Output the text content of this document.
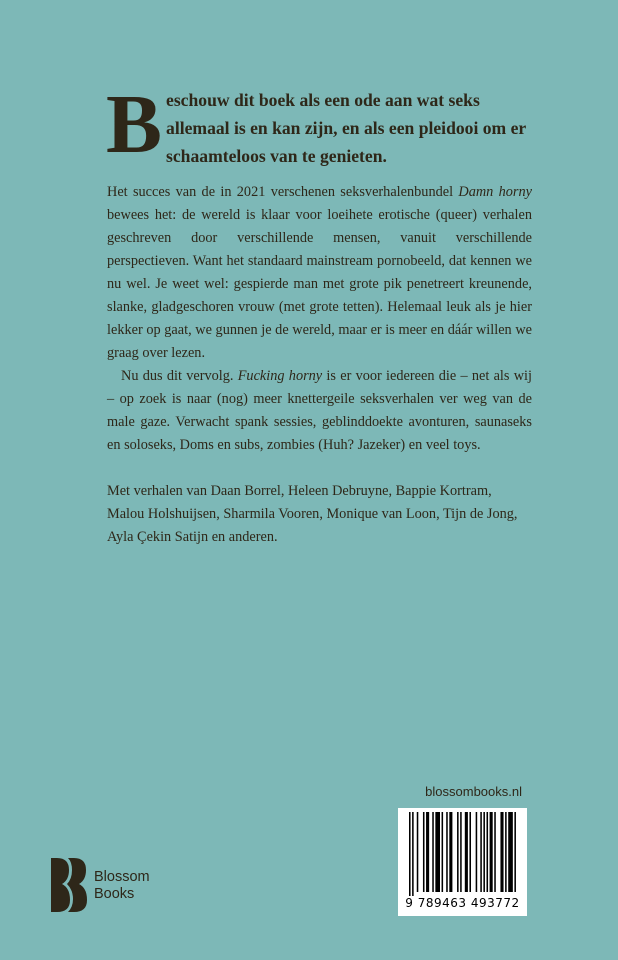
B eschouw dit boek als een ode aan wat seks allemaal is en kan zijn, en als een pleidooi om er schaamteloos van te genieten.

Het succes van de in 2021 verschenen seksverhalenbundel Damn horny bewees het: de wereld is klaar voor loeihete erotische (queer) verhalen geschreven door verschillende mensen, vanuit verschillende perspectieven. Want het standaard mainstream pornobeeld, dat kennen we nu wel. Je weet wel: gespierde man met grote pik penetreert kreunende, slanke, gladgeschoren vrouw (met grote tetten). Helemaal leuk als je hier lekker op gaat, we gunnen je de wereld, maar er is meer en dáár willen we graag over lezen.

Nu dus dit vervolg. Fucking horny is er voor iedereen die – net als wij – op zoek is naar (nog) meer knettergeile seksverhalen ver weg van de male gaze. Verwacht spank sessies, geblinddoekte avonturen, saunaseks en soloseks, Doms en subs, zombies (Huh? Jazeker) en veel toys.

Met verhalen van Daan Borrel, Heleen Debruyne, Bappie Kortram, Malou Holshuijsen, Sharmila Vooren, Monique van Loon, Tijn de Jong, Ayla Çekin Satijn en anderen.

blossombooks.nl
9 789463 493772
Blossom
Books
